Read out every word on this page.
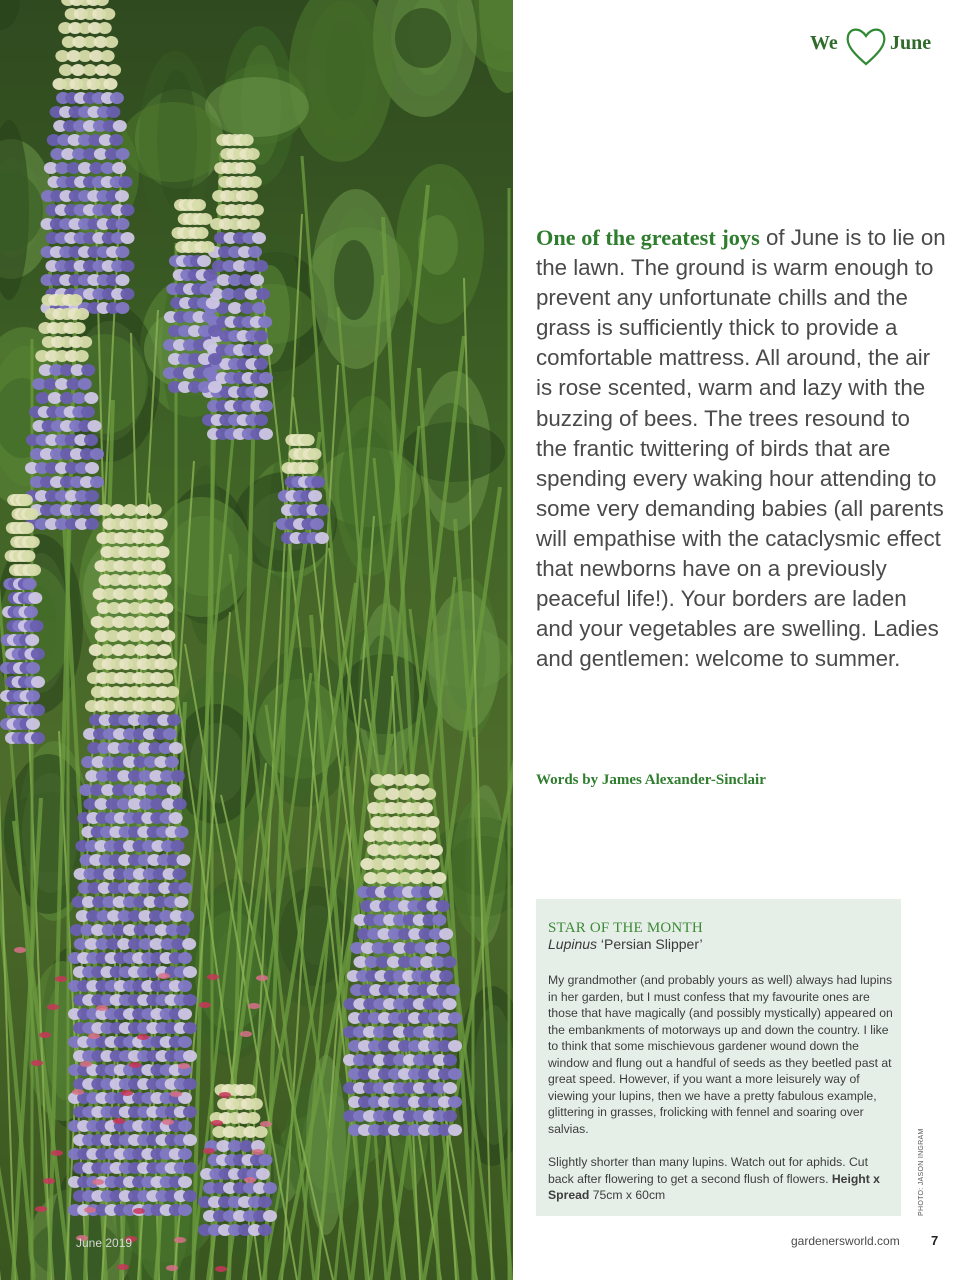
June 2019
We	June

One of the greatest joys of June is to lie on the lawn. The ground is warm enough to prevent any unfortunate chills and the grass is sufficiently thick to provide a comfortable mattress. All around, the air is rose scented, warm and lazy with the buzzing of bees. The trees resound to the frantic twittering of birds that are spending every waking hour attending to some very demanding babies (all parents will empathise with the cataclysmic effect that newborns have on a previously peaceful life!). Your borders are laden and your vegetables are swelling. Ladies and gentlemen: welcome to summer.

Words by James Alexander-Sinclair
STAR OF THE MONTH
Lupinus ‘Persian Slipper’
My grandmother (and probably yours as well) always had lupins in her garden, but I must confess that my favourite ones are those that have magically (and possibly mystically) appeared on the embankments of motorways up and down the country. I like to think that some mischievous gardener wound down the window and flung out a handful of seeds as they beetled past at great speed. However, if you want a more leisurely way of viewing your lupins, then we have a pretty fabulous example, glittering in grasses, frolicking with fennel and soaring over salvias.
Slightly shorter than many lupins. Watch out for aphids. Cut back after flowering to get a second flush of flowers. Height x Spread 75cm x 60cm	PHOTO: JASON INGRAM
gardenersworld.com 7
